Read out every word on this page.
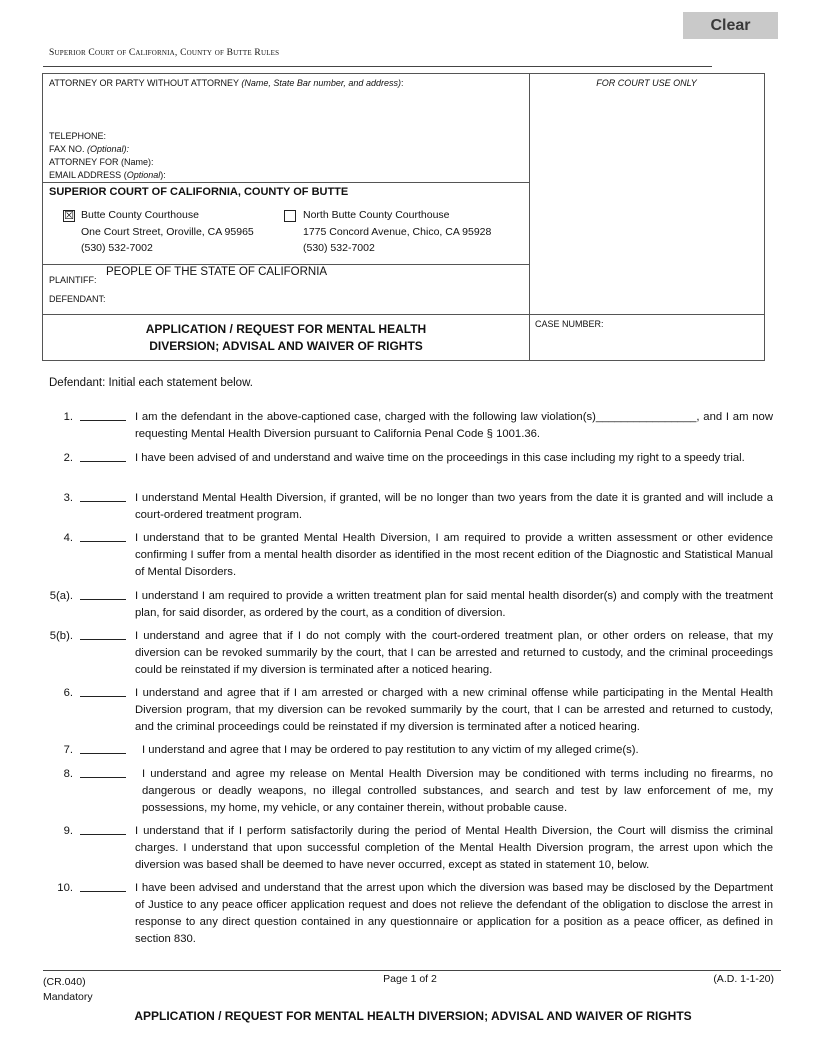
Clear
Superior Court of California, County of Butte Rules
ATTORNEY OR PARTY WITHOUT ATTORNEY (Name, State Bar number, and address):
TELEPHONE:
FAX NO. (Optional):
ATTORNEY FOR (Name):
EMAIL ADDRESS (Optional):
FOR COURT USE ONLY
SUPERIOR COURT OF CALIFORNIA, COUNTY OF BUTTE
☒ Butte County Courthouse
One Court Street, Oroville, CA 95965
(530) 532-7002
North Butte County Courthouse
1775 Concord Avenue, Chico, CA 95928
(530) 532-7002
PLAINTIFF:
PEOPLE OF THE STATE OF CALIFORNIA
DEFENDANT:
APPLICATION / REQUEST FOR MENTAL HEALTH
DIVERSION; ADVISAL AND WAIVER OF RIGHTS
CASE NUMBER:
Defendant: Initial each statement below.
1.	I am the defendant in the above-captioned case, charged with the following law violation(s)________________, and I am now requesting Mental Health Diversion pursuant to California Penal Code § 1001.36.
2.	I have been advised of and understand and waive time on the proceedings in this case including my right to a speedy trial.
3.	I understand Mental Health Diversion, if granted, will be no longer than two years from the date it is granted and will include a court-ordered treatment program.
4.	I understand that to be granted Mental Health Diversion, I am required to provide a written assessment or other evidence confirming I suffer from a mental health disorder as identified in the most recent edition of the Diagnostic and Statistical Manual of Mental Disorders.
5(a).	I understand I am required to provide a written treatment plan for said mental health disorder(s) and comply with the treatment plan, for said disorder, as ordered by the court, as a condition of diversion.
5(b).	I understand and agree that if I do not comply with the court-ordered treatment plan, or other orders on release, that my diversion can be revoked summarily by the court, that I can be arrested and returned to custody, and the criminal proceedings could be reinstated if my diversion is terminated after a noticed hearing.
6.	I understand and agree that if I am arrested or charged with a new criminal offense while participating in the Mental Health Diversion program, that my diversion can be revoked summarily by the court, that I can be arrested and returned to custody, and the criminal proceedings could be reinstated if my diversion is terminated after a noticed hearing.
7.	I understand and agree that I may be ordered to pay restitution to any victim of my alleged crime(s).
8.	I understand and agree my release on Mental Health Diversion may be conditioned with terms including no firearms, no dangerous or deadly weapons, no illegal controlled substances, and search and test by law enforcement of me, my possessions, my home, my vehicle, or any container therein, without probable cause.
9.	I understand that if I perform satisfactorily during the period of Mental Health Diversion, the Court will dismiss the criminal charges. I understand that upon successful completion of the Mental Health Diversion program, the arrest upon which the diversion was based shall be deemed to have never occurred, except as stated in statement 10, below.
10.	I have been advised and understand that the arrest upon which the diversion was based may be disclosed by the Department of Justice to any peace officer application request and does not relieve the defendant of the obligation to disclose the arrest in response to any direct question contained in any questionnaire or application for a position as a peace officer, as defined in section 830.
(CR.040)
Mandatory
Page 1 of 2	(A.D. 1-1-20)
APPLICATION / REQUEST FOR MENTAL HEALTH DIVERSION; ADVISAL AND WAIVER OF RIGHTS
